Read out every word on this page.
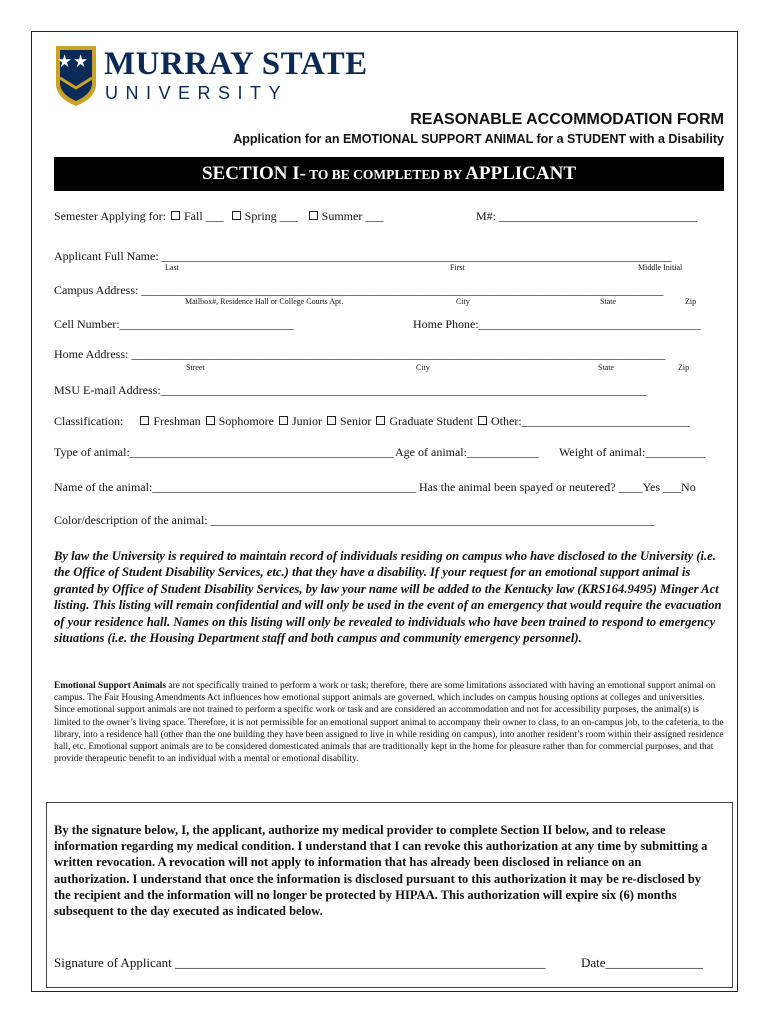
MURRAY STATE
UNIVERSITY
REASONABLE ACCOMMODATION FORM
Application for an EMOTIONAL SUPPORT ANIMAL for a STUDENT with a Disability
SECTION I- TO BE COMPLETED BY APPLICANT
Semester Applying for: Fall ___ Spring ___ Summer ___	M#: _________________________________
Applicant Full Name: _____________________________________________________________________________________
Last	First	Middle Initial
Campus Address: _______________________________________________________________________________________
Mailbox#, Residence Hall or College Courts Apt.	City	State	Zip
Cell Number:_____________________________	Home Phone:_____________________________________
Home Address: _________________________________________________________________________________________
Street	City	State	Zip
MSU E-mail Address:_________________________________________________________________________________
Classification:	Freshman Sophomore Junior Senior Graduate Student Other:____________________________
Type of animal:____________________________________________ Age of animal:____________ Weight of animal:__________
Name of the animal:____________________________________________ Has the animal been spayed or neutered? ____Yes ___No
Color/description of the animal: __________________________________________________________________________
By law the University is required to maintain record of individuals residing on campus who have disclosed to the University (i.e. the Office of Student Disability Services, etc.) that they have a disability. If your request for an emotional support animal is granted by Office of Student Disability Services, by law your name will be added to the Kentucky law (KRS164.9495) Minger Act listing. This listing will remain confidential and will only be used in the event of an emergency that would require the evacuation of your residence hall. Names on this listing will only be revealed to individuals who have been trained to respond to emergency situations (i.e. the Housing Department staff and both campus and community emergency personnel).
Emotional Support Animals are not specifically trained to perform a work or task; therefore, there are some limitations associated with having an emotional support animal on campus. The Fair Housing Amendments Act influences how emotional support animals are governed, which includes on campus housing options at colleges and universities. Since emotional support animals are not trained to perform a specific work or task and are considered an accommodation and not for accessibility purposes, the animal(s) is limited to the owner’s living space. Therefore, it is not permissible for an emotional support animal to accompany their owner to class, to an on-campus job, to the cafeteria, to the library, into a residence hall (other than the one building they have been assigned to live in while residing on campus), into another resident’s room within their assigned residence hall, etc. Emotional support animals are to be considered domesticated animals that are traditionally kept in the home for pleasure rather than for commercial purposes, and that provide therapeutic benefit to an individual with a mental or emotional disability.
By the signature below, I, the applicant, authorize my medical provider to complete Section II below, and to release information regarding my medical condition. I understand that I can revoke this authorization at any time by submitting a written revocation. A revocation will not apply to information that has already been disclosed in reliance on an authorization. I understand that once the information is disclosed pursuant to this authorization it may be re-disclosed by the recipient and the information will no longer be protected by HIPAA. This authorization will expire six (6) months subsequent to the day executed as indicated below.
Signature of Applicant _________________________________________________________	Date_______________
